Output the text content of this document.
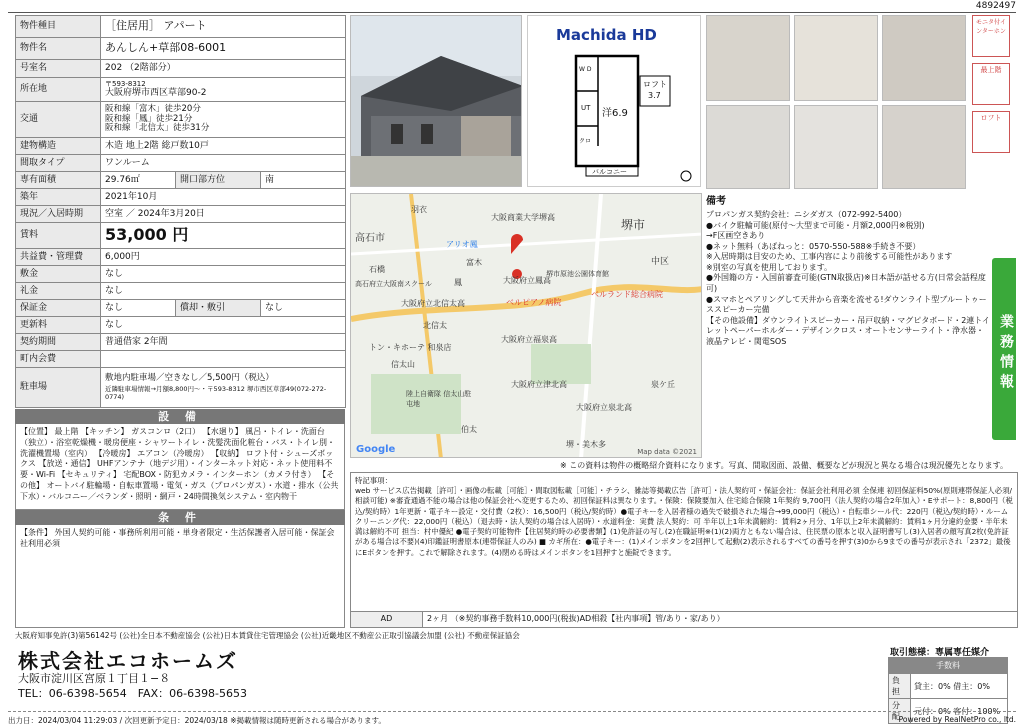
4892497
物件種目	［住居用］ アパート		
物件名	あんしん+草部08-6001		
号室名	202 （2階部分）		
所在地	〒593-8312
大阪府堺市西区草部90-2		

交通	阪和線「富木」徒歩20分
阪和線「鳳」徒歩21分
阪和線「北信太」徒歩31分		

建物構造	木造 地上2階 総戸数10戸		
間取タイプ	ワンルーム		
専有面積	29.76㎡	開口部方位	南
築年	2021年10月		
現況／入居時期	空室 ／ 2024年3月20日		
賃料	53,000 円		
共益費・管理費	6,000円		
敷金	なし		
礼金	なし		
保証金	なし	償却・敷引	なし
更新料	なし		
契約期間	普通借家 2年間		
町内会費			
駐車場	敷地内駐車場／空きなし／5,500円（税込）
近隣駐車場情報→月額8,800円〜・〒593-8312 堺市西区草部49(072-272-0774)		
設 備
【位置】 最上階 【キッチン】 ガスコンロ（2口） 【水廻り】 風呂・トイレ・洗面台（独立）・浴室乾燥機・暖房便座・シャワートイレ・洗髪洗面化粧台・バス・トイレ別・洗濯機置場（室内） 【冷暖房】 エアコン（冷暖房） 【収納】 ロフト付・シューズボックス 【放送・通信】 UHFアンテナ（地デジ用）・インターネット対応・ネット使用料不要・Wi-Fi 【セキュリティ】 宅配BOX・防犯カメラ・インターホン（カメラ付き） 【その他】 オートバイ駐輪場・自転車置場・電気・ガス（プロパンガス）・水道・排水（公共下水）・バルコニー／ベランダ・照明・網戸・24時間換気システム・室内物干
条 件
【条件】 外国人契約可能・事務所利用可能・単身者限定・生活保護者入居可能・保証会社利用必須
Machida HD
ロフト
3.7
洋6.9
W D
UT
クロ
バルコニー
モニタ付インターホン
最上階
ロフト
大阪商業大学堺高
堺市
高石市
アリオ鳳
富木
大阪府立鳳高
ベルランド総合病院
大阪府立北信太高	ベルピアノ病院
大阪府立福泉高
大阪府立津北高
大阪府立泉北高
北信太
羽衣
鳳
信太山
石橋
中区
泉ケ丘
陸上自衛隊 信太山駐屯地
堺市原池公園体育館
高石府立大阪南スクール
トン・キホーテ 和泉店
伯太
堺・美木多
Google	Map data ©2021
備考
プロパンガス契約会社：ニシダガス（072-992-5400）
●バイク駐輪可能(原付〜大型まで可能・月額2,000円※税別)
→F区画空きあり
●ネット無料（あばねっと：0570-550-588※手続き不要）
※入居時期は目安のため、工事内容により前後する可能性があります
※別室の写真を使用しております。
●外国籍の方・入国前審査可能(GTN取扱店)※日本語が話せる方(日常会話程度可)
●スマホとペアリングして天井から音楽を流せる!ダウンライト型ブルートゥーススピーカー完備
【その他設備】ダウンライトスピーカー・吊戸収納・マグピタボード・2連トイレットペーパーホルダー・デザインクロス・オートセンサーライト・浄水器・液晶テレビ・関電SOS	業務情報
※ この資料は物件の概略紹介資料になります。写真、間取図面、設備、概要などが現況と異なる場合は現況優先となります。
特記事項：
web サービス広告掲載［許可］・画像の転載［可能］・間取図転載［可能］・チラシ、雑誌等掲載広告［許可］・法人契約可・保証会社：保証会社利用必須 全保連 初回保証料50%(原則連帯保証人必須/相談可能) ※審査通過不能の場合は他の保証会社へ変更するため、初回保証料は異なります。・保険：保険要加入 住宅総合保険 1年契約 9,700円（法人契約の場合2年加入）・Eサポート：8,800円（税込/契約時）1年更新・電子キー設定・交付費（2枚）：16,500円（税込/契約時）●電子キーを入居者様の過失で破損された場合→99,000円（税込）・自転車シール代：220円（税込/契約時）・ルームクリーニング代：22,000円（税込）（退去時・法人契約の場合は入居時）・水道料金：実費 法人契約：可 半年以上1年未満解約：賃料2ヶ月分、1年以上2年未満解約：賃料1ヶ月分違約金要・半年未満は解約不可 担当：村中優紀 ●電子契約可能物件【住居契約時の必要書類】(1)免許証の写し(2)在職証明※(1)(2)両方ともない場合は、住民票の原本と収入証明書写し(3)入居者の顔写真2枚(免許証がある場合は不要)(4)印鑑証明書原本(連帯保証人のみ) ■ カギ所在：●電子キー：(1)メインボタンを2回押して起動(2)表示されるすべての番号を押す(3)0から9までの番号が表示され「2372」最後にEボタンを押す。これで解除されます。(4)閉める時はメインボタンを1回押すと施錠できます。
AD	2ヶ月 （※契約事務手数料10,000円(税抜)AD相殺【社内事項】管/あり・家/あり）
大阪府知事免許(3)第56142号 (公社)全日本不動産協会 (公社)日本賃貸住宅管理協会 (公社)近畿地区不動産公正取引協議会加盟 (公社) 不動産保証協会
株式会社エコホームズ
大阪市淀川区宮原１丁目１−８
TEL：06-6398-5654　FAX：06-6398-5653
取引態様：専属専任媒介
手数料	
負担	貸主：0% 借主：0%
分配	元付：0% 客付：100%
出力日：2024/03/04 11:29:03 / 次回更新予定日：2024/03/18 ※掲載情報は随時更新される場合があります。	Powered by RealNetPro co., ltd.
